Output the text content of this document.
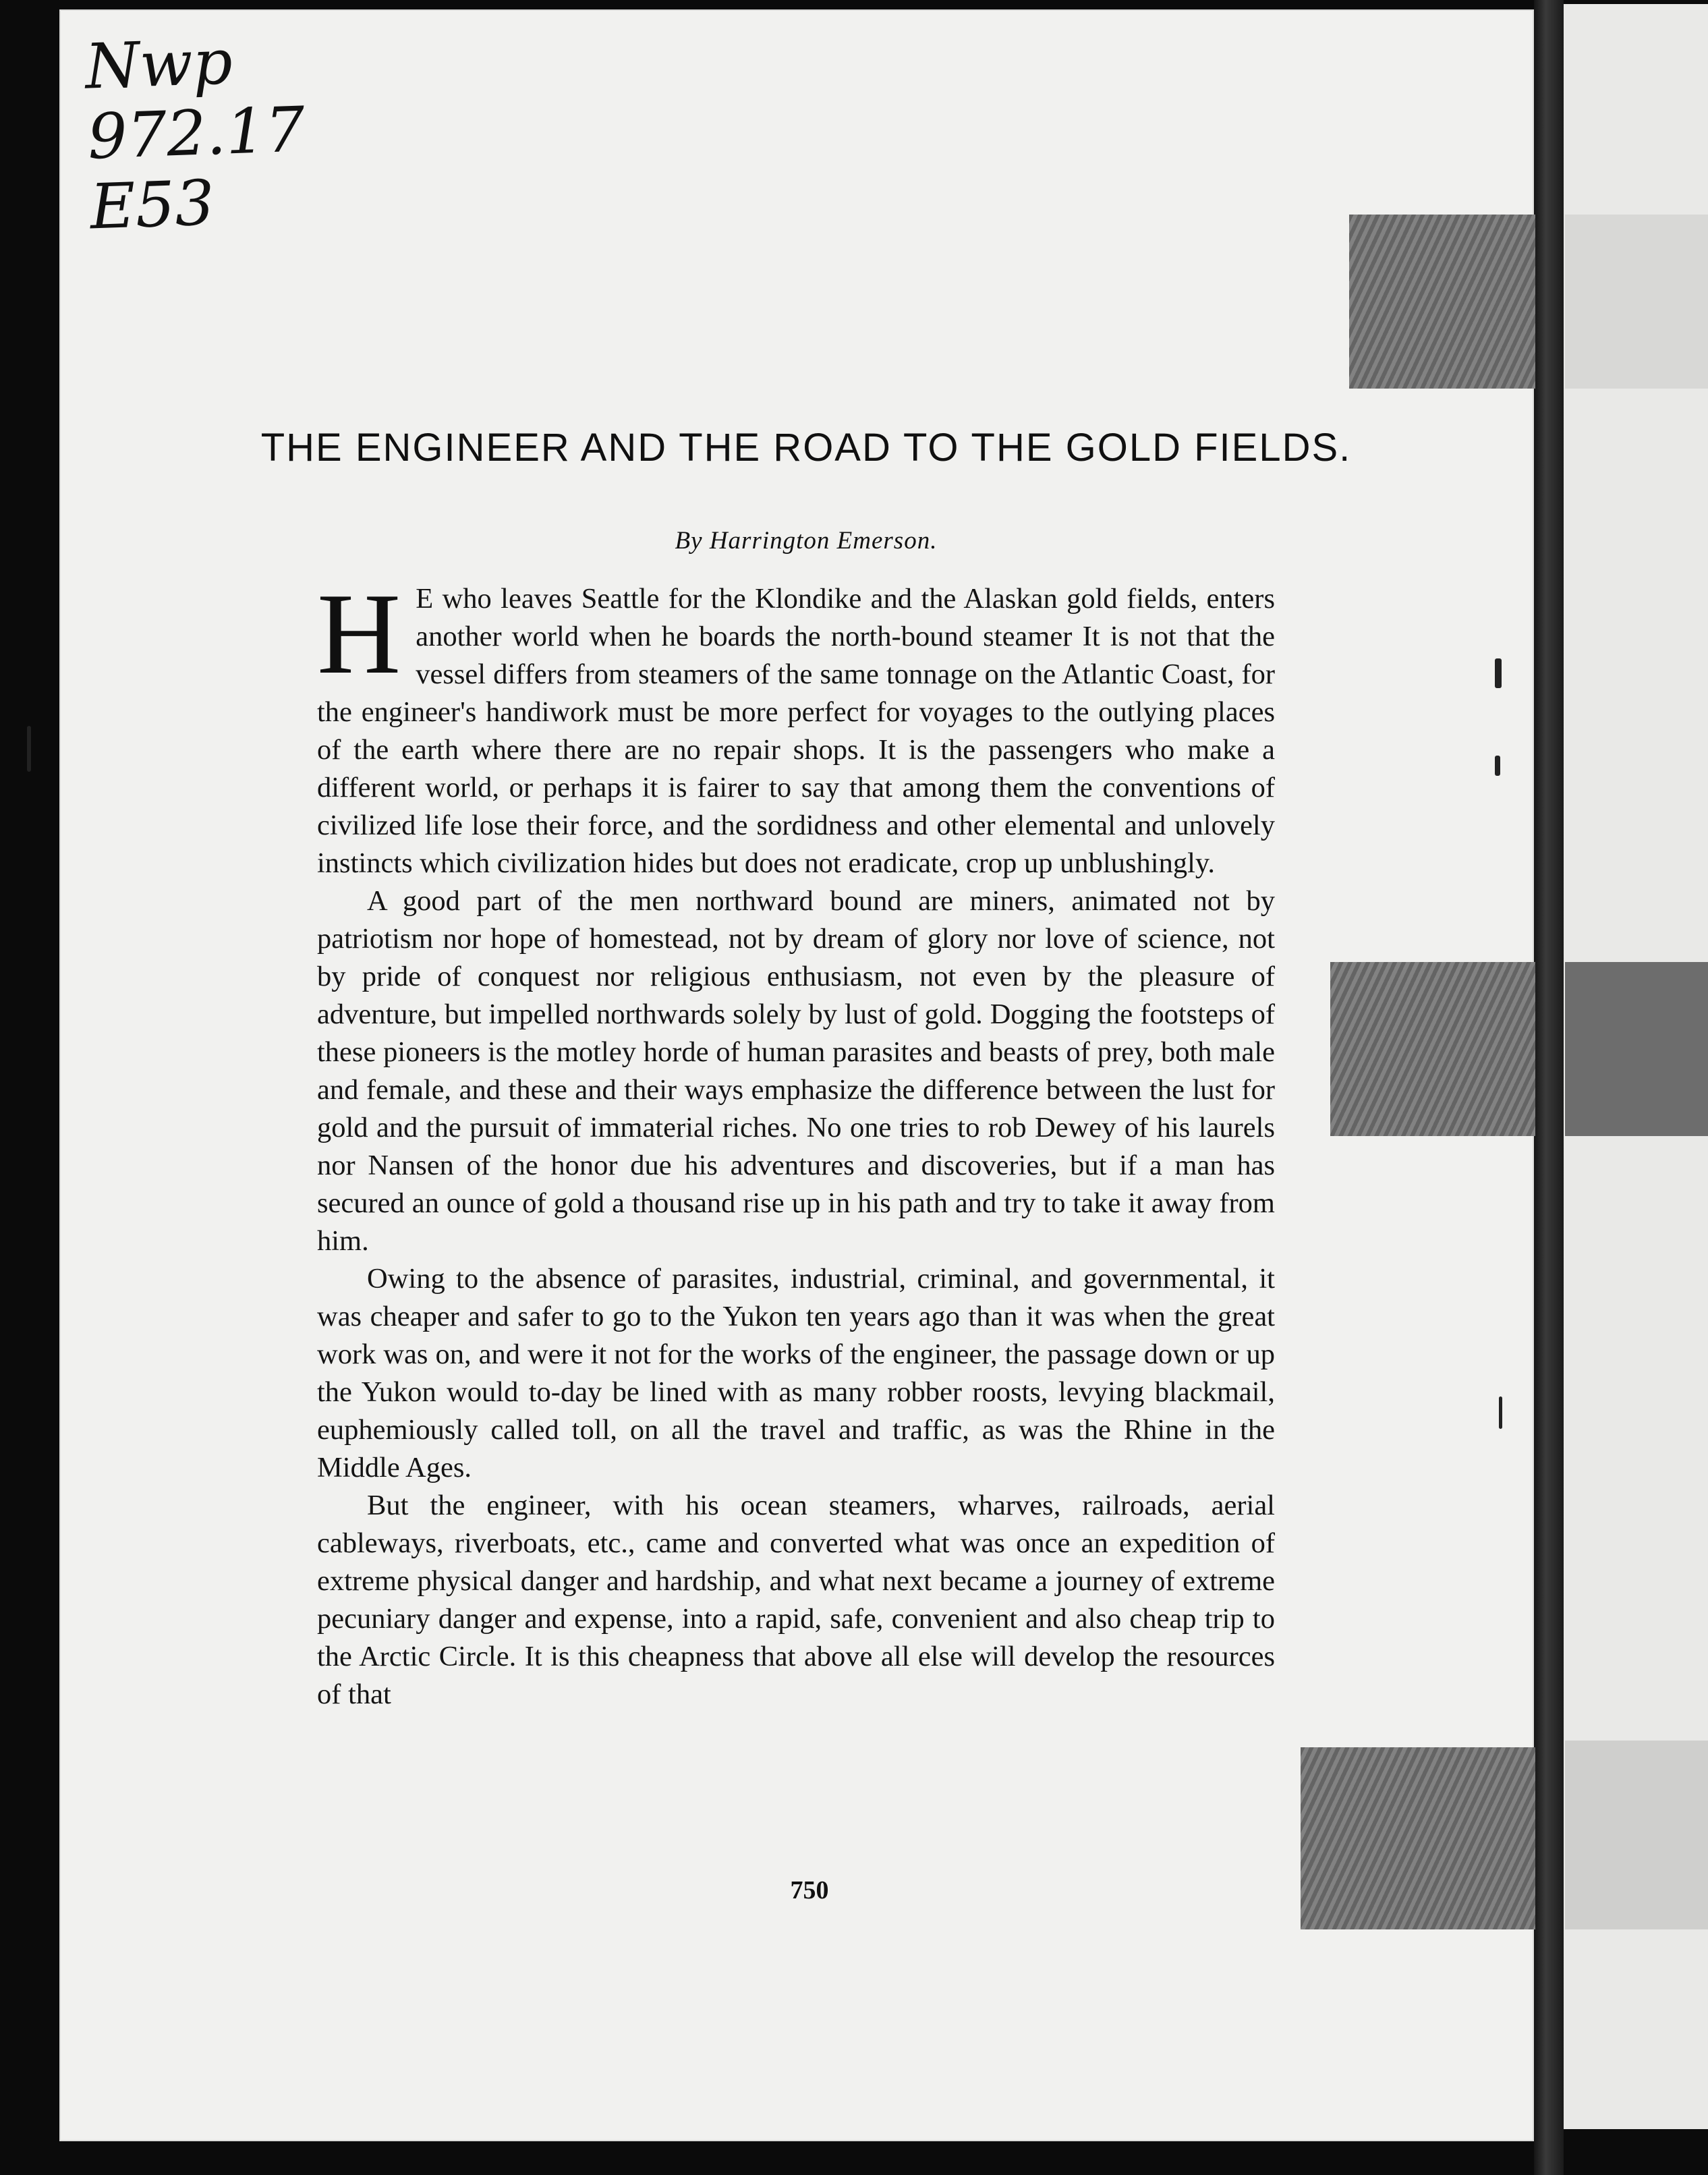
Nwp
972.17
E53
THE ENGINEER AND THE ROAD TO THE GOLD FIELDS.
By Harrington Emerson.

H E who leaves Seattle for the Klondike and the Alaskan gold fields, enters another world when he boards the north-bound steamer It is not that the vessel differs from steamers of the same tonnage on the Atlantic Coast, for the engineer's handiwork must be more perfect for voyages to the outlying places of the earth where there are no repair shops. It is the passengers who make a different world, or perhaps it is fairer to say that among them the conventions of civilized life lose their force, and the sordidness and other elemental and unlovely instincts which civilization hides but does not eradicate, crop up unblushingly.

A good part of the men northward bound are miners, animated not by patriotism nor hope of homestead, not by dream of glory nor love of science, not by pride of conquest nor religious enthusiasm, not even by the pleasure of adventure, but impelled northwards solely by lust of gold. Dogging the footsteps of these pioneers is the motley horde of human parasites and beasts of prey, both male and female, and these and their ways emphasize the difference between the lust for gold and the pursuit of immaterial riches. No one tries to rob Dewey of his laurels nor Nansen of the honor due his adventures and discoveries, but if a man has secured an ounce of gold a thousand rise up in his path and try to take it away from him.

Owing to the absence of parasites, industrial, criminal, and governmental, it was cheaper and safer to go to the Yukon ten years ago than it was when the great work was on, and were it not for the works of the engineer, the passage down or up the Yukon would to-day be lined with as many robber roosts, levying blackmail, euphemiously called toll, on all the travel and traffic, as was the Rhine in the Middle Ages.

But the engineer, with his ocean steamers, wharves, railroads, aerial cableways, riverboats, etc., came and converted what was once an expedition of extreme physical danger and hardship, and what next became a journey of extreme pecuniary danger and expense, into a rapid, safe, convenient and also cheap trip to the Arctic Circle. It is this cheapness that above all else will develop the resources of that

750
